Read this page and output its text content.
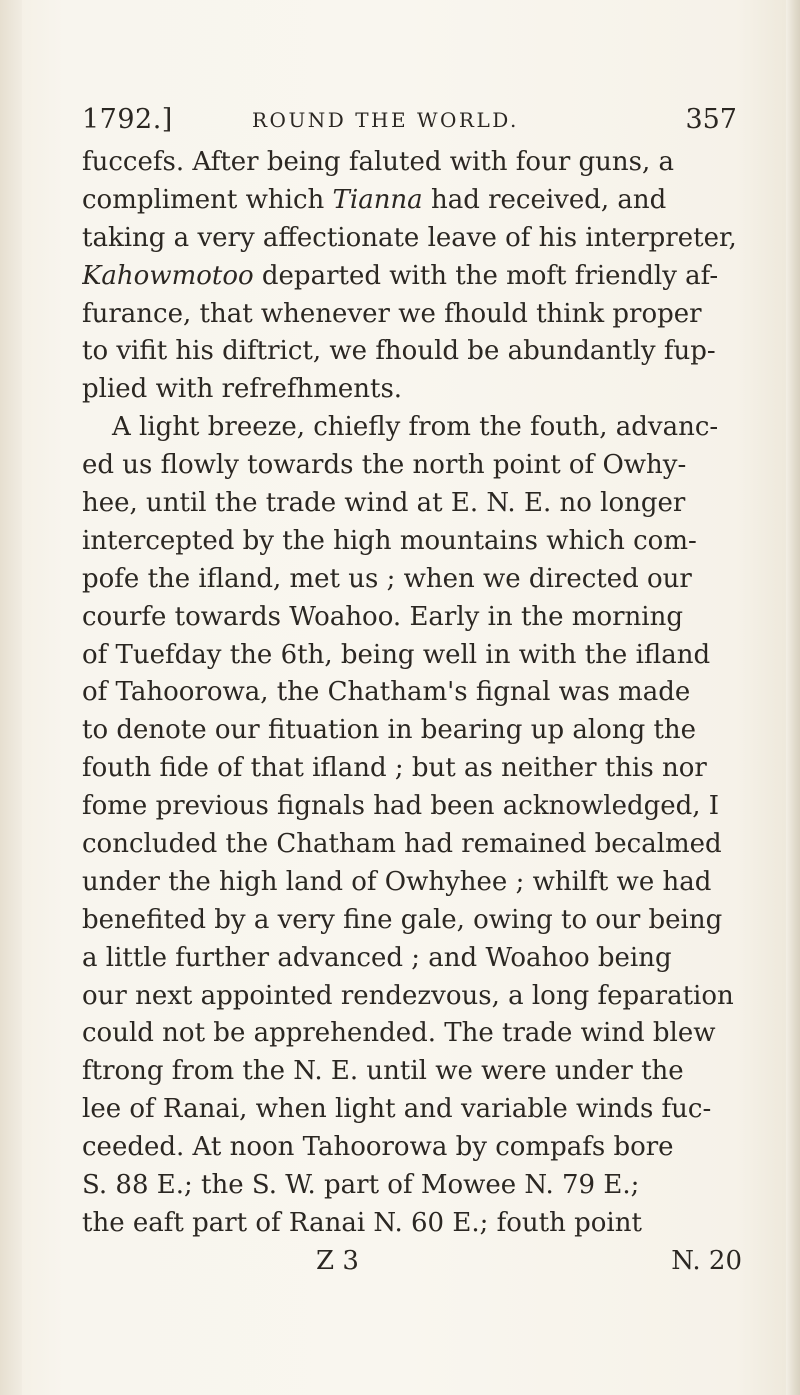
1792.]	ROUND THE WORLD.	357
fuccefs. After being faluted with four guns, a
compliment which Tianna had received, and
taking a very affectionate leave of his interpreter,
Kahowmotoo departed with the moft friendly af-
furance, that whenever we fhould think proper
to vifit his diftrict, we fhould be abundantly fup-
plied with refrefhments.
A light breeze, chiefly from the fouth, advanc-
ed us flowly towards the north point of Owhy-
hee, until the trade wind at E. N. E. no longer
intercepted by the high mountains which com-
pofe the ifland, met us ; when we directed our
courfe towards Woahoo. Early in the morning
of Tuefday the 6th, being well in with the ifland
of Tahoorowa, the Chatham's fignal was made
to denote our fituation in bearing up along the
fouth fide of that ifland ; but as neither this nor
fome previous fignals had been acknowledged, I
concluded the Chatham had remained becalmed
under the high land of Owhyhee ; whilft we had
benefited by a very fine gale, owing to our being
a little further advanced ; and Woahoo being
our next appointed rendezvous, a long feparation
could not be apprehended. The trade wind blew
ftrong from the N. E. until we were under the
lee of Ranai, when light and variable winds fuc-
ceeded. At noon Tahoorowa by compafs bore
S. 88 E.; the S. W. part of Mowee N. 79 E.;
the eaft part of Ranai N. 60 E.; fouth point
Z 3	N. 20
